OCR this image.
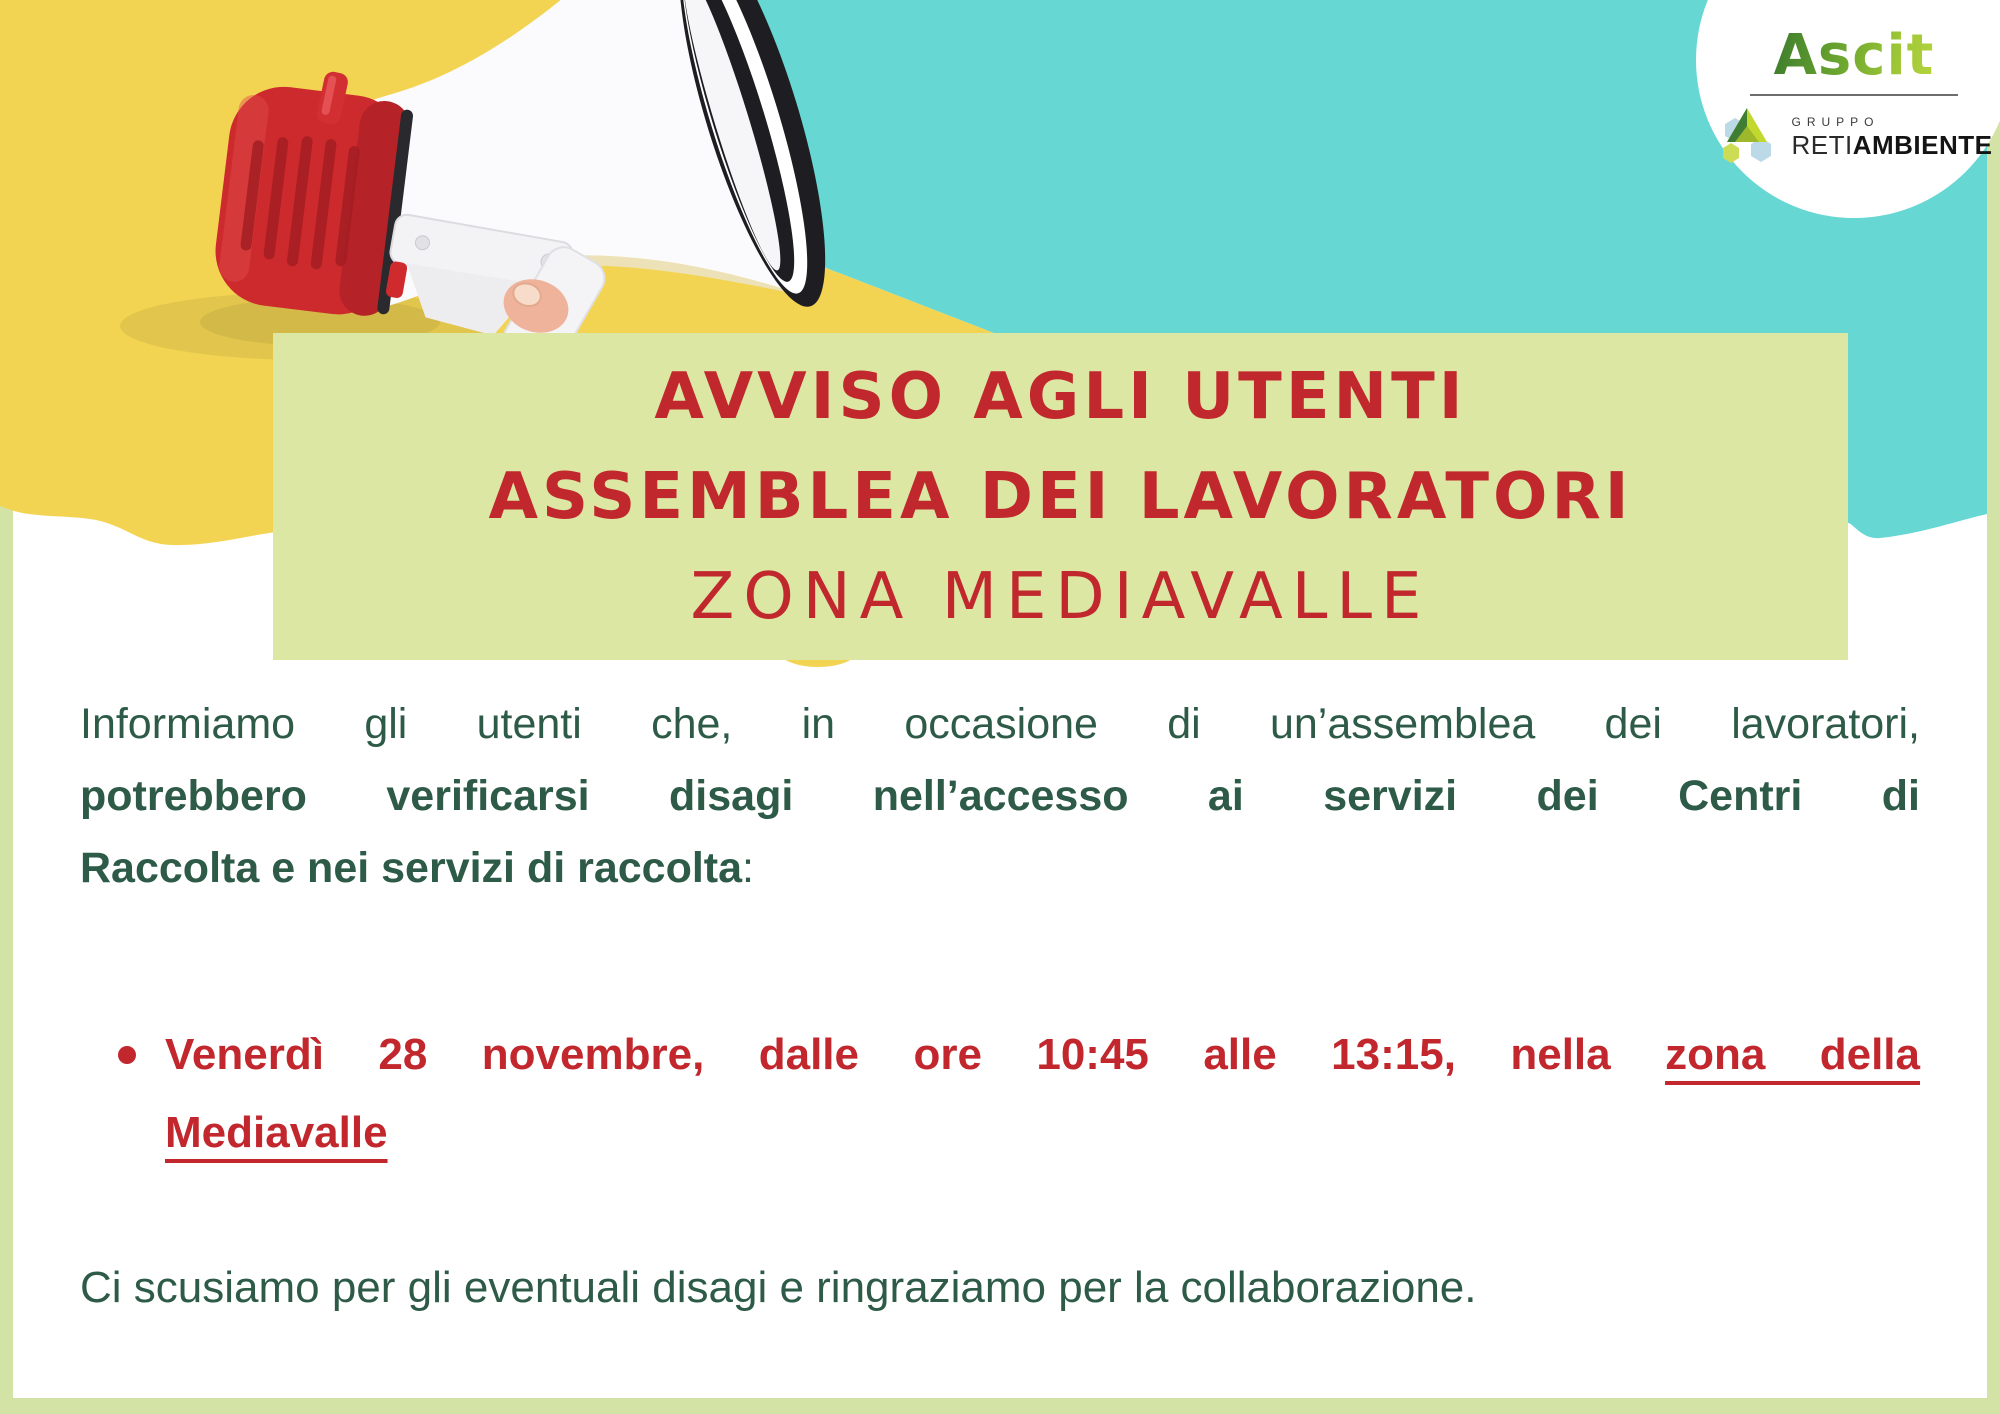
AVVISO AGLI UTENTI
ASSEMBLEA DEI LAVORATORI
ZONA MEDIAVALLE
Ascit
GRUPPO
RETIAMBIENTE
Informiamo gli utenti che, in occasione di un’assemblea dei lavoratori,
potrebbero verificarsi disagi nell’accesso ai servizi dei Centri di
Raccolta e nei servizi di raccolta:
Venerdì 28 novembre, dalle ore 10:45 alle 13:15, nella zona della
Mediavalle
Ci scusiamo per gli eventuali disagi e ringraziamo per la collaborazione.
